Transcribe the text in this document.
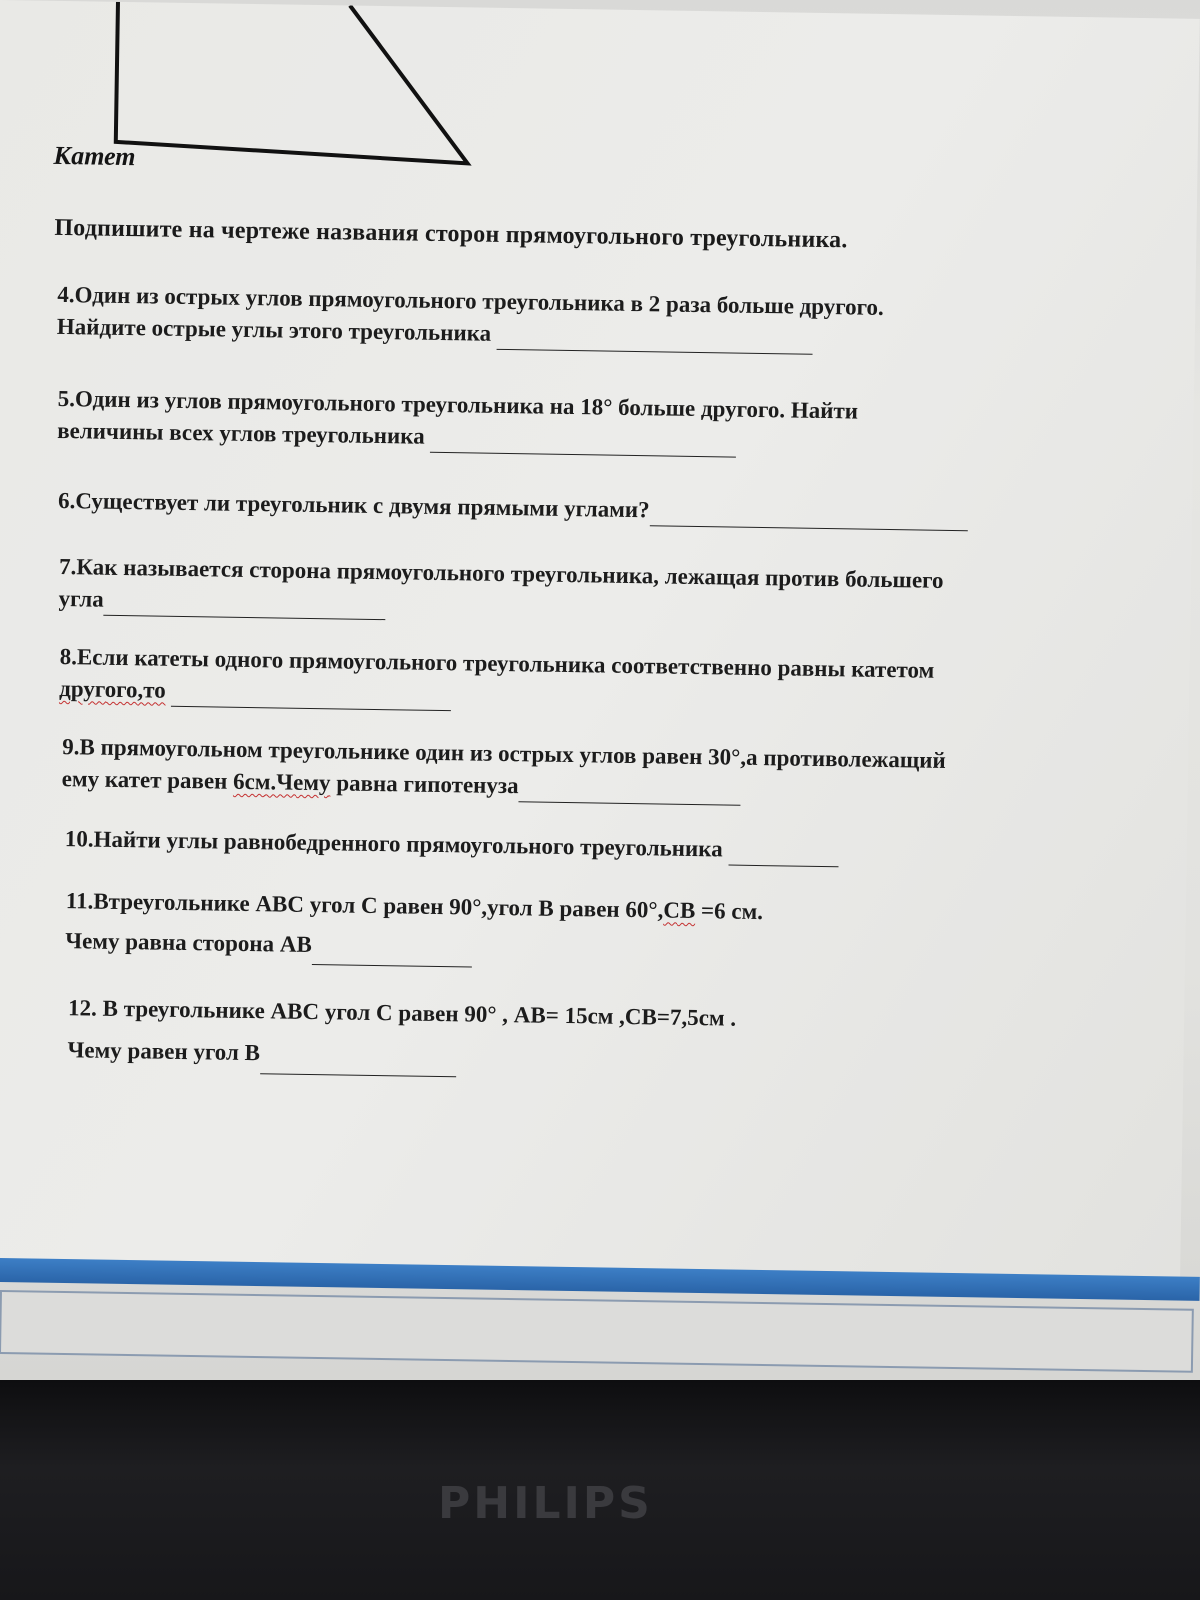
Катет
Подпишите на чертеже названия сторон прямоугольного треугольника.
4.Один из острых углов прямоугольного треугольника в 2 раза больше другого.
Найдите острые углы этого треугольника
5.Один из углов прямоугольного треугольника на 18° больше другого. Найти
величины всех углов треугольника
6.Существует ли треугольник с двумя прямыми углами?
7.Как называется сторона прямоугольного треугольника, лежащая против большего
угла
8.Если катеты одного прямоугольного треугольника соответственно равны катетом
другого,то
9.В прямоугольном треугольнике один из острых углов равен 30°,а противолежащий
ему катет равен 6см.Чему равна гипотенуза
10.Найти углы равнобедренного прямоугольного треугольника
11.Втреугольнике АВС угол С равен 90°,угол В равен 60°,СВ =6 см.
Чему равна сторона АВ
12. В треугольнике АВС угол С равен 90° , АВ= 15см ,СВ=7,5см .
Чему равен угол В
PHILIPS
